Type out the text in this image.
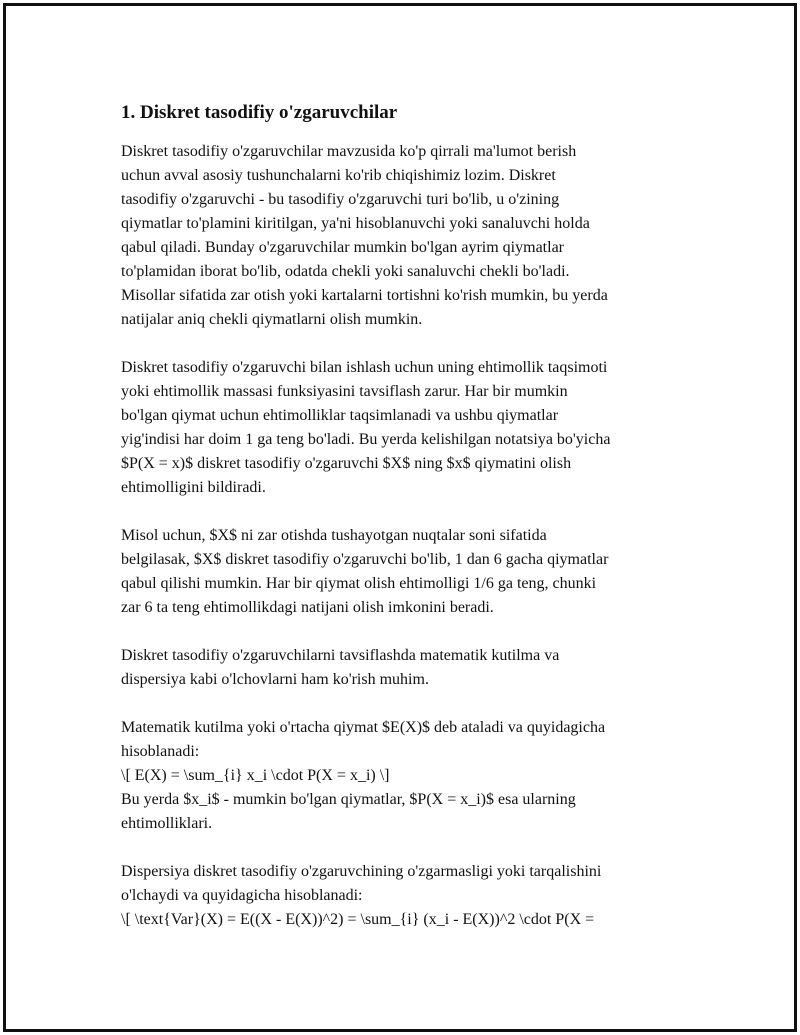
1. Diskret tasodifiy o'zgaruvchilar

Diskret tasodifiy o'zgaruvchilar mavzusida ko'p qirrali ma'lumot berish
uchun avval asosiy tushunchalarni ko'rib chiqishimiz lozim. Diskret
tasodifiy o'zgaruvchi - bu tasodifiy o'zgaruvchi turi bo'lib, u o'zining
qiymatlar to'plamini kiritilgan, ya'ni hisoblanuvchi yoki sanaluvchi holda
qabul qiladi. Bunday o'zgaruvchilar mumkin bo'lgan ayrim qiymatlar
to'plamidan iborat bo'lib, odatda chekli yoki sanaluvchi chekli bo'ladi.
Misollar sifatida zar otish yoki kartalarni tortishni ko'rish mumkin, bu yerda
natijalar aniq chekli qiymatlarni olish mumkin.

Diskret tasodifiy o'zgaruvchi bilan ishlash uchun uning ehtimollik taqsimoti
yoki ehtimollik massasi funksiyasini tavsiflash zarur. Har bir mumkin
bo'lgan qiymat uchun ehtimolliklar taqsimlanadi va ushbu qiymatlar
yig'indisi har doim 1 ga teng bo'ladi. Bu yerda kelishilgan notatsiya bo'yicha
$P(X = x)$ diskret tasodifiy o'zgaruvchi $X$ ning $x$ qiymatini olish
ehtimolligini bildiradi.

Misol uchun, $X$ ni zar otishda tushayotgan nuqtalar soni sifatida
belgilasak, $X$ diskret tasodifiy o'zgaruvchi bo'lib, 1 dan 6 gacha qiymatlar
qabul qilishi mumkin. Har bir qiymat olish ehtimolligi 1/6 ga teng, chunki
zar 6 ta teng ehtimollikdagi natijani olish imkonini beradi.

Diskret tasodifiy o'zgaruvchilarni tavsiflashda matematik kutilma va
dispersiya kabi o'lchovlarni ham ko'rish muhim.

Matematik kutilma yoki o'rtacha qiymat $E(X)$ deb ataladi va quyidagicha
hisoblanadi:
\[ E(X) = \sum_{i} x_i \cdot P(X = x_i) \]
Bu yerda $x_i$ - mumkin bo'lgan qiymatlar, $P(X = x_i)$ esa ularning
ehtimolliklari.

Dispersiya diskret tasodifiy o'zgaruvchining o'zgarmasligi yoki tarqalishini
o'lchaydi va quyidagicha hisoblanadi:
\[ \text{Var}(X) = E((X - E(X))^2) = \sum_{i} (x_i - E(X))^2 \cdot P(X =
